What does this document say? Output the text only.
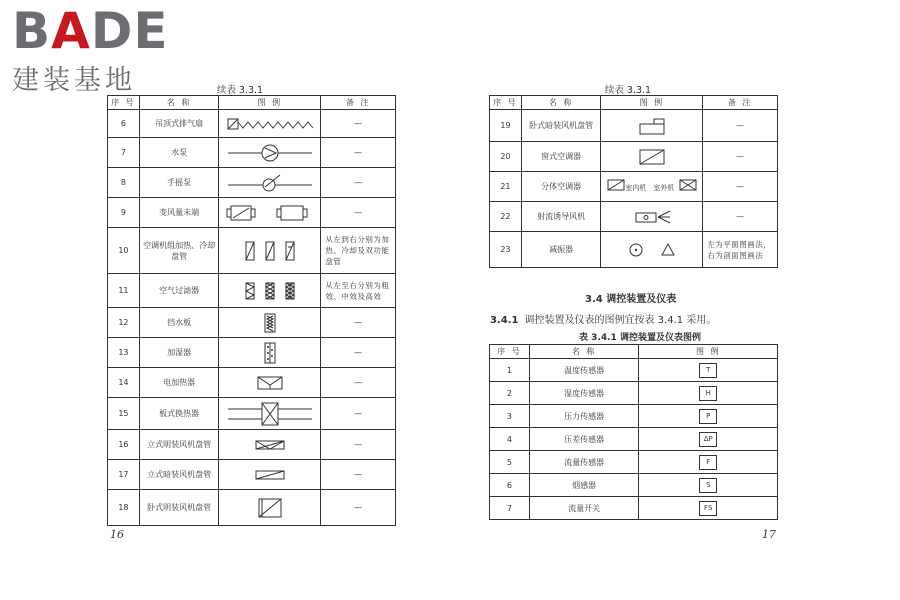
BADE
建装基地	续表 3.3.1
序 号	名 称	图 例	备 注
6	吊顶式排气扇		—
7	水泵		—
8	手摇泵		—
9	变风量末端		—
10	空调机组加热、冷却盘管		从左到右分别为加热、冷却及双功能盘管
11	空气过滤器		从左至右分别为粗效、中效及高效
12	挡水板		—
13	加湿器		—
14	电加热器		—
15	板式换热器		—
16	立式明装风机盘管		—
17	立式暗装风机盘管		—
18	卧式明装风机盘管		—
16
续表 3.3.1
序 号	名 称	图 例	备 注
19	卧式暗装风机盘管		—
20	窗式空调器		—
21	分体空调器	室内机 室外机	—
22	射流诱导风机		—
23	减振器		左为平面图画法，右为剖面图画法
3.4 调控装置及仪表
3.4.1 调控装置及仪表的图例宜按表 3.4.1 采用。
表 3.4.1 调控装置及仪表图例
序 号	名 称	图 例
1	温度传感器	T
2	湿度传感器	H
3	压力传感器	P
4	压差传感器	ΔP
5	流量传感器	F
6	烟感器	S
7	流量开关	FS
17
